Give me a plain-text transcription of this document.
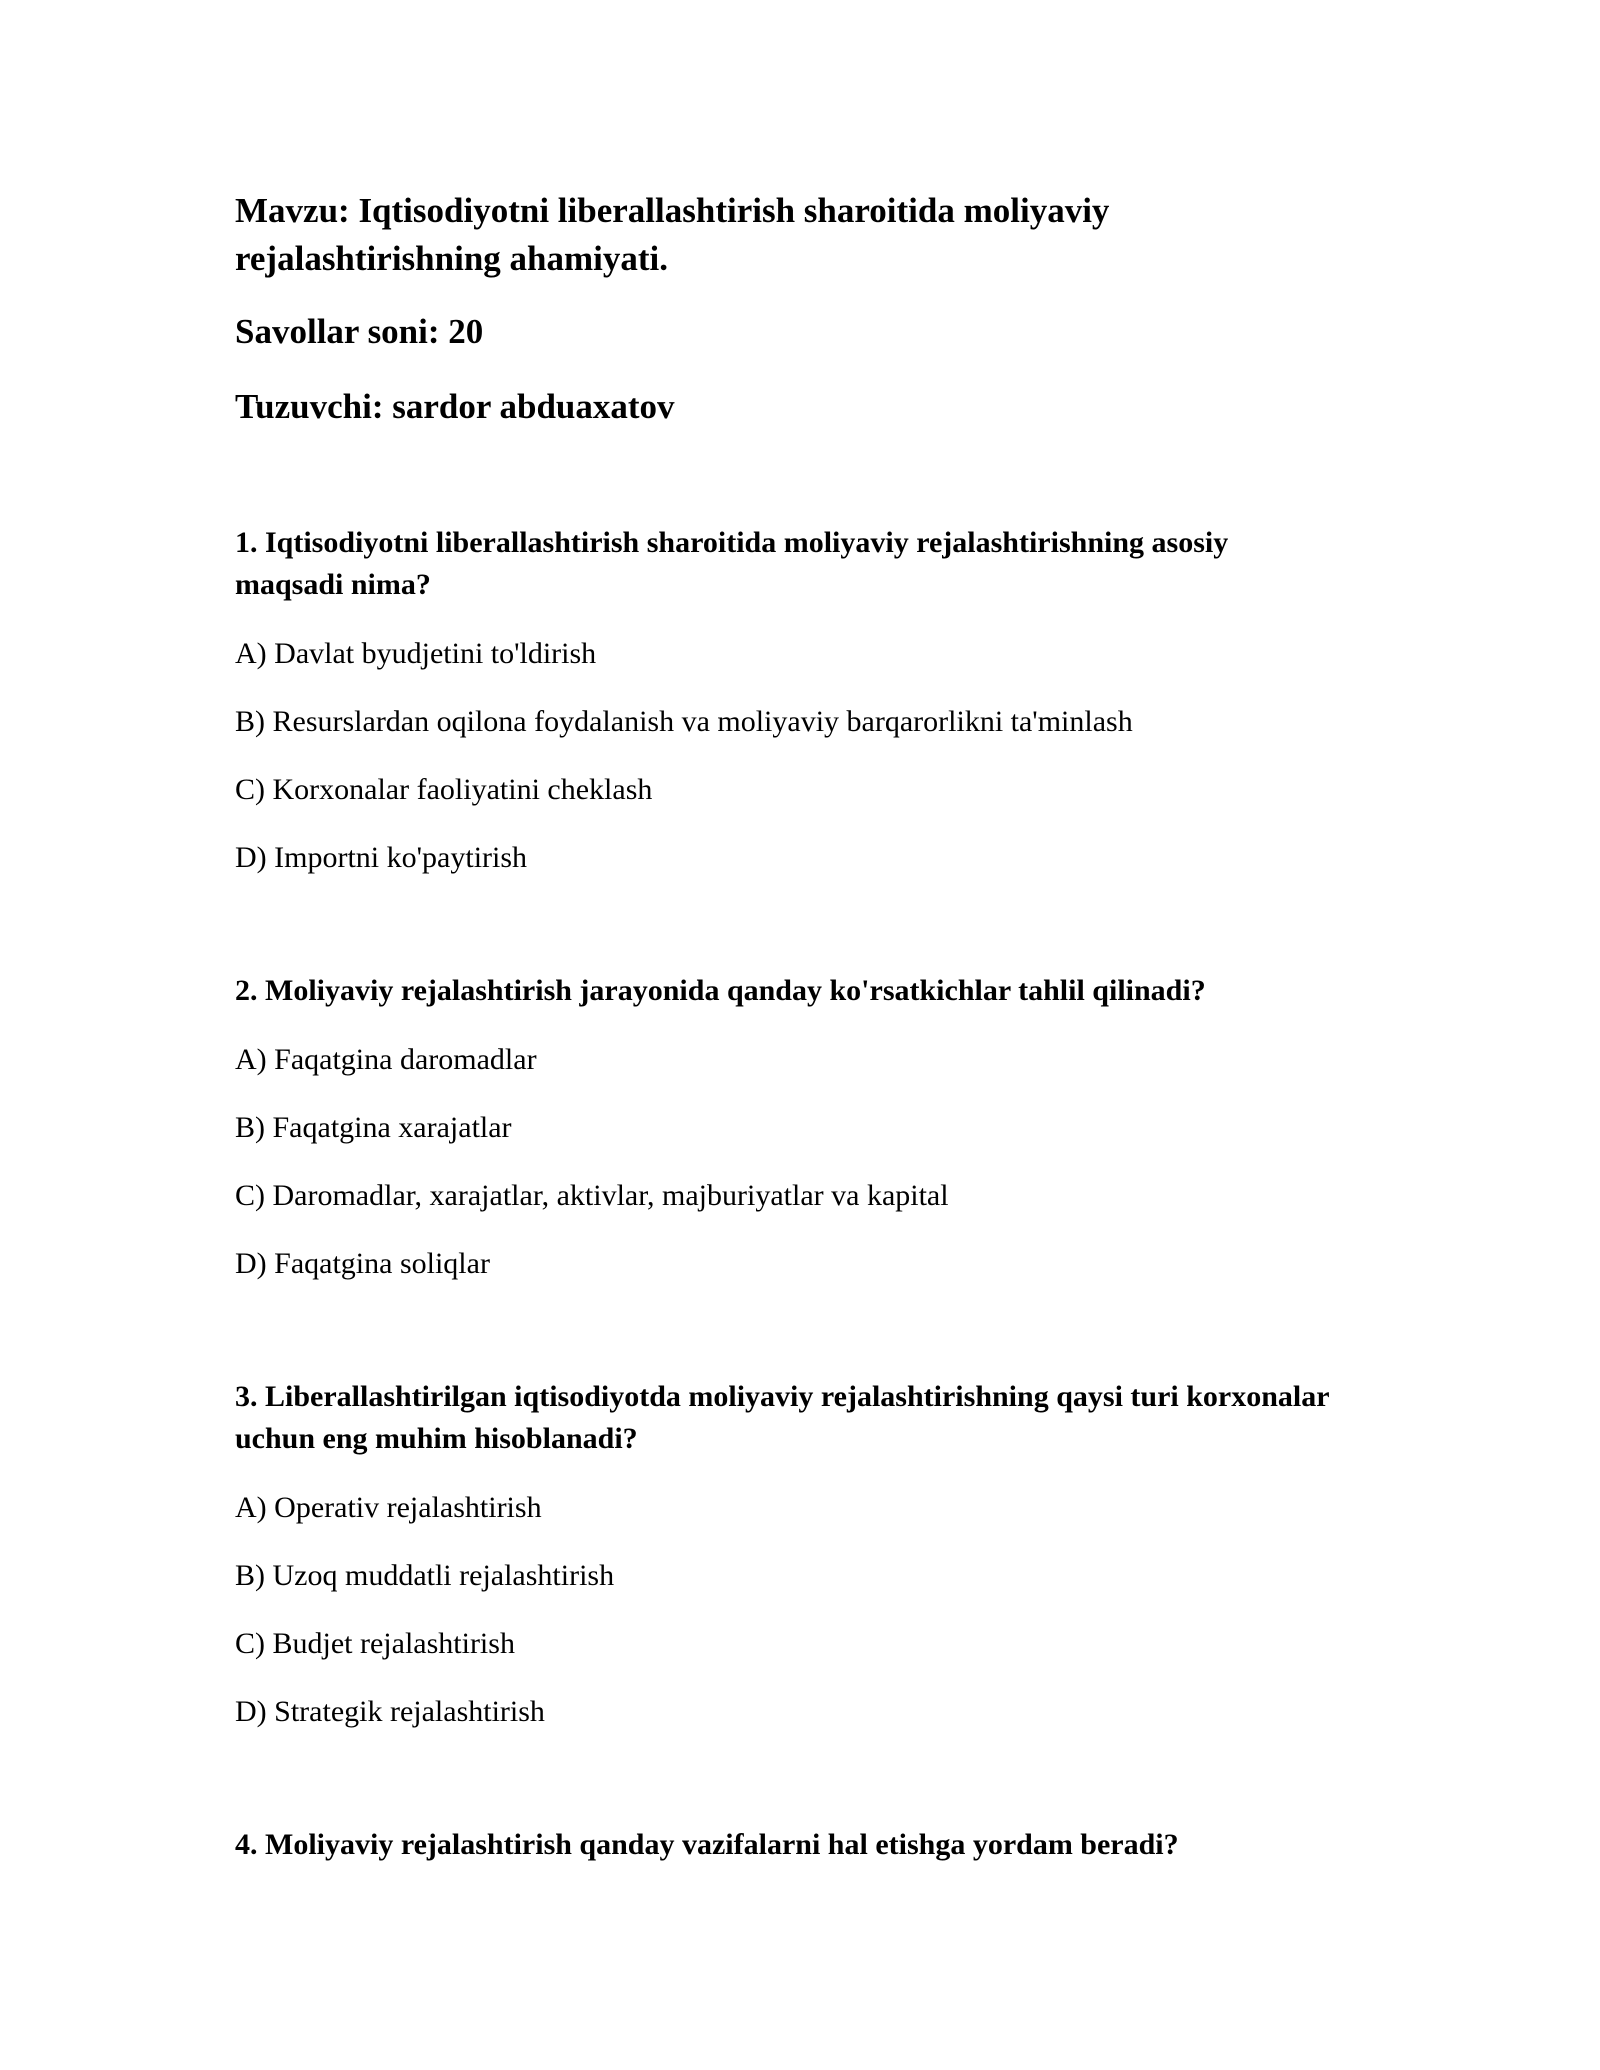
Mavzu: Iqtisodiyotni liberallashtirish sharoitida moliyaviy
rejalashtirishning ahamiyati.
Savollar soni: 20
Tuzuvchi: sardor abduaxatov
1. Iqtisodiyotni liberallashtirish sharoitida moliyaviy rejalashtirishning asosiy maqsadi nima?
A) Davlat byudjetini to'ldirish
B) Resurslardan oqilona foydalanish va moliyaviy barqarorlikni ta'minlash
C) Korxonalar faoliyatini cheklash
D) Importni ko'paytirish
2. Moliyaviy rejalashtirish jarayonida qanday ko'rsatkichlar tahlil qilinadi?
A) Faqatgina daromadlar
B) Faqatgina xarajatlar
C) Daromadlar, xarajatlar, aktivlar, majburiyatlar va kapital
D) Faqatgina soliqlar
3. Liberallashtirilgan iqtisodiyotda moliyaviy rejalashtirishning qaysi turi korxonalar uchun eng muhim hisoblanadi?
A) Operativ rejalashtirish
B) Uzoq muddatli rejalashtirish
C) Budjet rejalashtirish
D) Strategik rejalashtirish
4. Moliyaviy rejalashtirish qanday vazifalarni hal etishga yordam beradi?
